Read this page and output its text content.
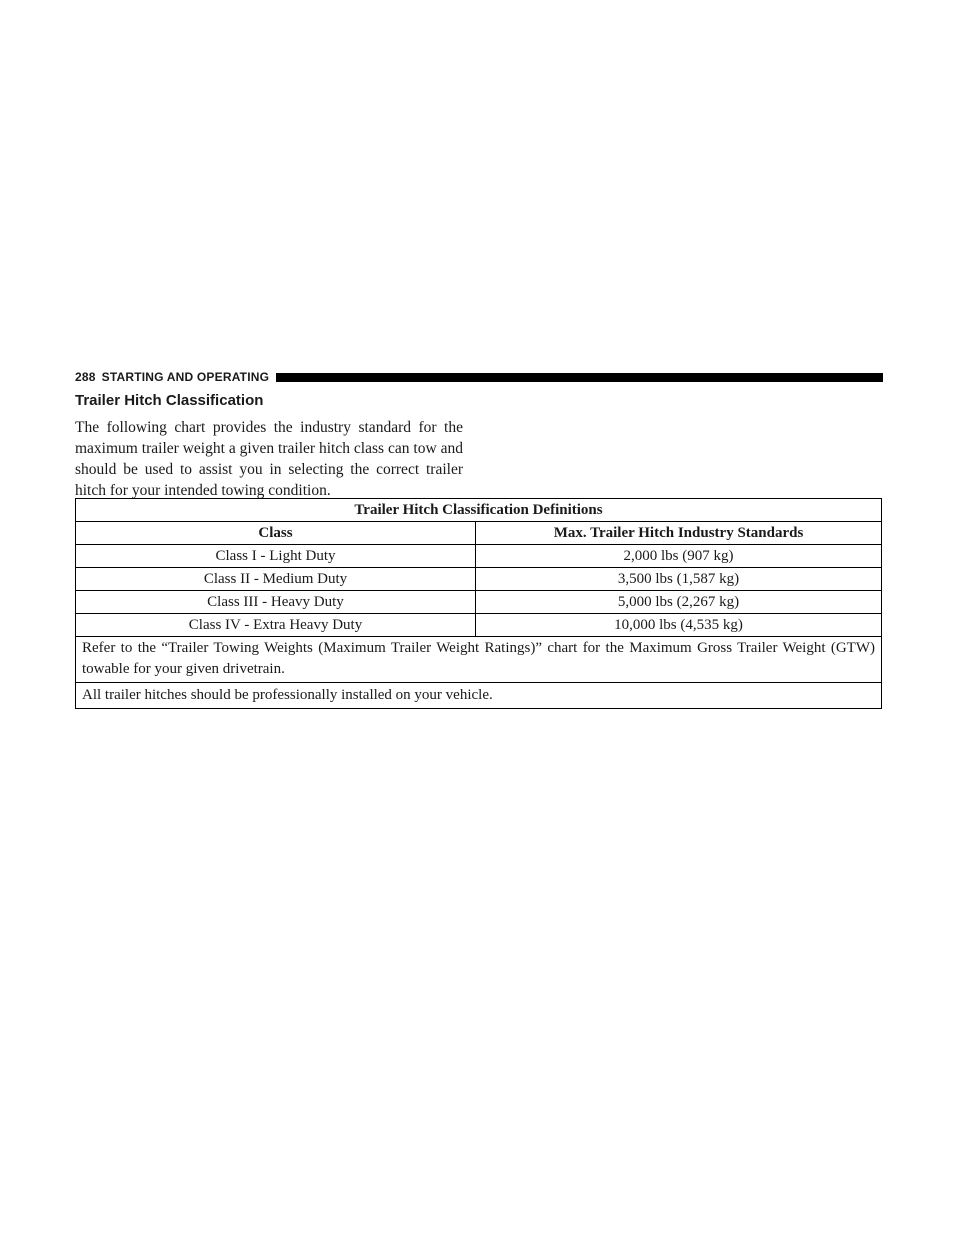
288 STARTING AND OPERATING
Trailer Hitch Classification

The following chart provides the industry standard for the maximum trailer weight a given trailer hitch class can tow and should be used to assist you in selecting the correct trailer hitch for your intended towing condition.

Trailer Hitch Classification Definitions	
Class	Max. Trailer Hitch Industry Standards
Class I - Light Duty	2,000 lbs (907 kg)
Class II - Medium Duty	3,500 lbs (1,587 kg)
Class III - Heavy Duty	5,000 lbs (2,267 kg)
Class IV - Extra Heavy Duty	10,000 lbs (4,535 kg)
Refer to the “Trailer Towing Weights (Maximum Trailer Weight Ratings)” chart for the Maximum Gross Trailer Weight (GTW) towable for your given drivetrain.	
All trailer hitches should be professionally installed on your vehicle.	
